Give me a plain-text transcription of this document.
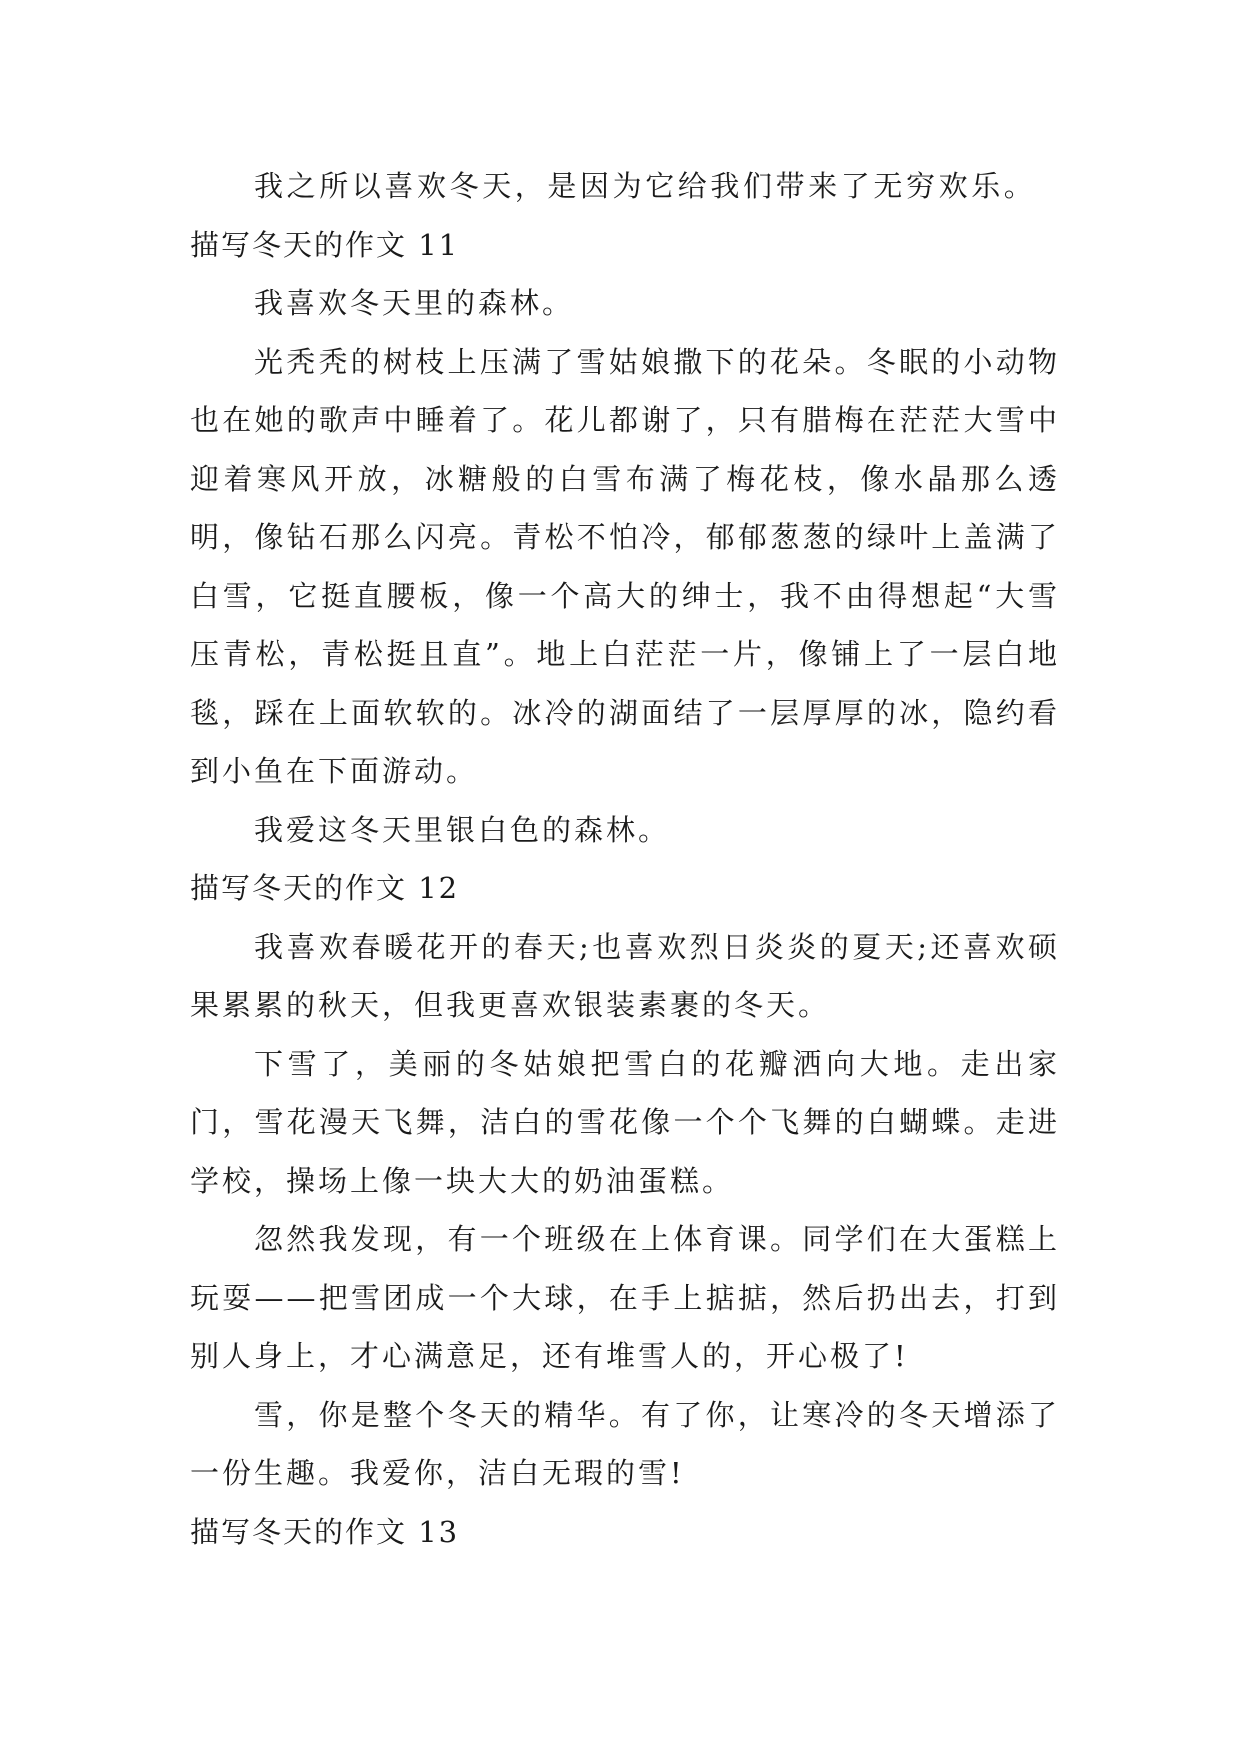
我之所以喜欢冬天，是因为它给我们带来了无穷欢乐。

描写冬天的作文 11

我喜欢冬天里的森林。

光秃秃的树枝上压满了雪姑娘撒下的花朵。冬眠的小动物也在她的歌声中睡着了。花儿都谢了，只有腊梅在茫茫大雪中迎着寒风开放，冰糖般的白雪布满了梅花枝，像水晶那么透明，像钻石那么闪亮。青松不怕冷，郁郁葱葱的绿叶上盖满了白雪，它挺直腰板，像一个高大的绅士，我不由得想起“大雪压青松，青松挺且直”。地上白茫茫一片，像铺上了一层白地毯，踩在上面软软的。冰冷的湖面结了一层厚厚的冰，隐约看到小鱼在下面游动。

我爱这冬天里银白色的森林。

描写冬天的作文 12

我喜欢春暖花开的春天;也喜欢烈日炎炎的夏天;还喜欢硕果累累的秋天，但我更喜欢银装素裹的冬天。

下雪了，美丽的冬姑娘把雪白的花瓣洒向大地。走出家门，雪花漫天飞舞，洁白的雪花像一个个飞舞的白蝴蝶。走进学校，操场上像一块大大的奶油蛋糕。

忽然我发现，有一个班级在上体育课。同学们在大蛋糕上玩耍——把雪团成一个大球，在手上掂掂，然后扔出去，打到别人身上，才心满意足，还有堆雪人的，开心极了!

雪，你是整个冬天的精华。有了你，让寒冷的冬天增添了一份生趣。我爱你，洁白无瑕的雪!

描写冬天的作文 13
